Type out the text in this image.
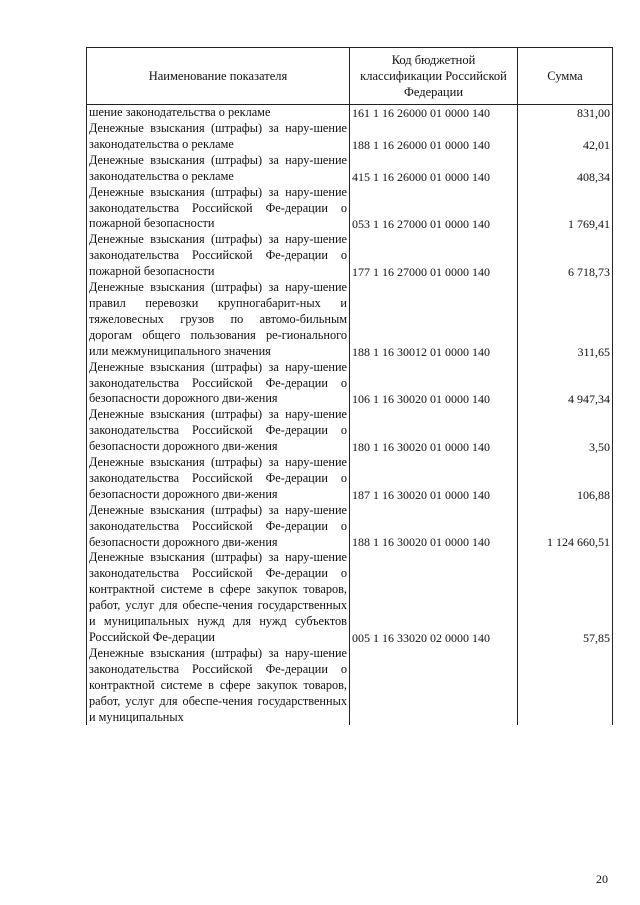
Наименование показателя	Код бюджетной классификации Российской Федерации	Сумма
шение законодательства о рекламе	161 1 16 26000 01 0000 140	831,00
Денежные взыскания (штрафы) за нару-шение законодательства о рекламе	188 1 16 26000 01 0000 140	42,01
Денежные взыскания (штрафы) за нару-шение законодательства о рекламе	415 1 16 26000 01 0000 140	408,34
Денежные взыскания (штрафы) за нару-шение законодательства Российской Фе-дерации о пожарной безопасности	053 1 16 27000 01 0000 140	1 769,41
Денежные взыскания (штрафы) за нару-шение законодательства Российской Фе-дерации о пожарной безопасности	177 1 16 27000 01 0000 140	6 718,73
Денежные взыскания (штрафы) за нару-шение правил перевозки крупногабарит-ных и тяжеловесных грузов по автомо-бильным дорогам общего пользования ре-гионального или межмуниципального значения	188 1 16 30012 01 0000 140	311,65
Денежные взыскания (штрафы) за нару-шение законодательства Российской Фе-дерации о безопасности дорожного дви-жения	106 1 16 30020 01 0000 140	4 947,34
Денежные взыскания (штрафы) за нару-шение законодательства Российской Фе-дерации о безопасности дорожного дви-жения	180 1 16 30020 01 0000 140	3,50
Денежные взыскания (штрафы) за нару-шение законодательства Российской Фе-дерации о безопасности дорожного дви-жения	187 1 16 30020 01 0000 140	106,88
Денежные взыскания (штрафы) за нару-шение законодательства Российской Фе-дерации о безопасности дорожного дви-жения	188 1 16 30020 01 0000 140	1 124 660,51
Денежные взыскания (штрафы) за нару-шение законодательства Российской Фе-дерации о контрактной системе в сфере закупок товаров, работ, услуг для обеспе-чения государственных и муниципальных нужд для нужд субъектов Российской Фе-дерации	005 1 16 33020 02 0000 140	57,85
Денежные взыскания (штрафы) за нару-шение законодательства Российской Фе-дерации о контрактной системе в сфере закупок товаров, работ, услуг для обеспе-чения государственных и муниципальных		
20
